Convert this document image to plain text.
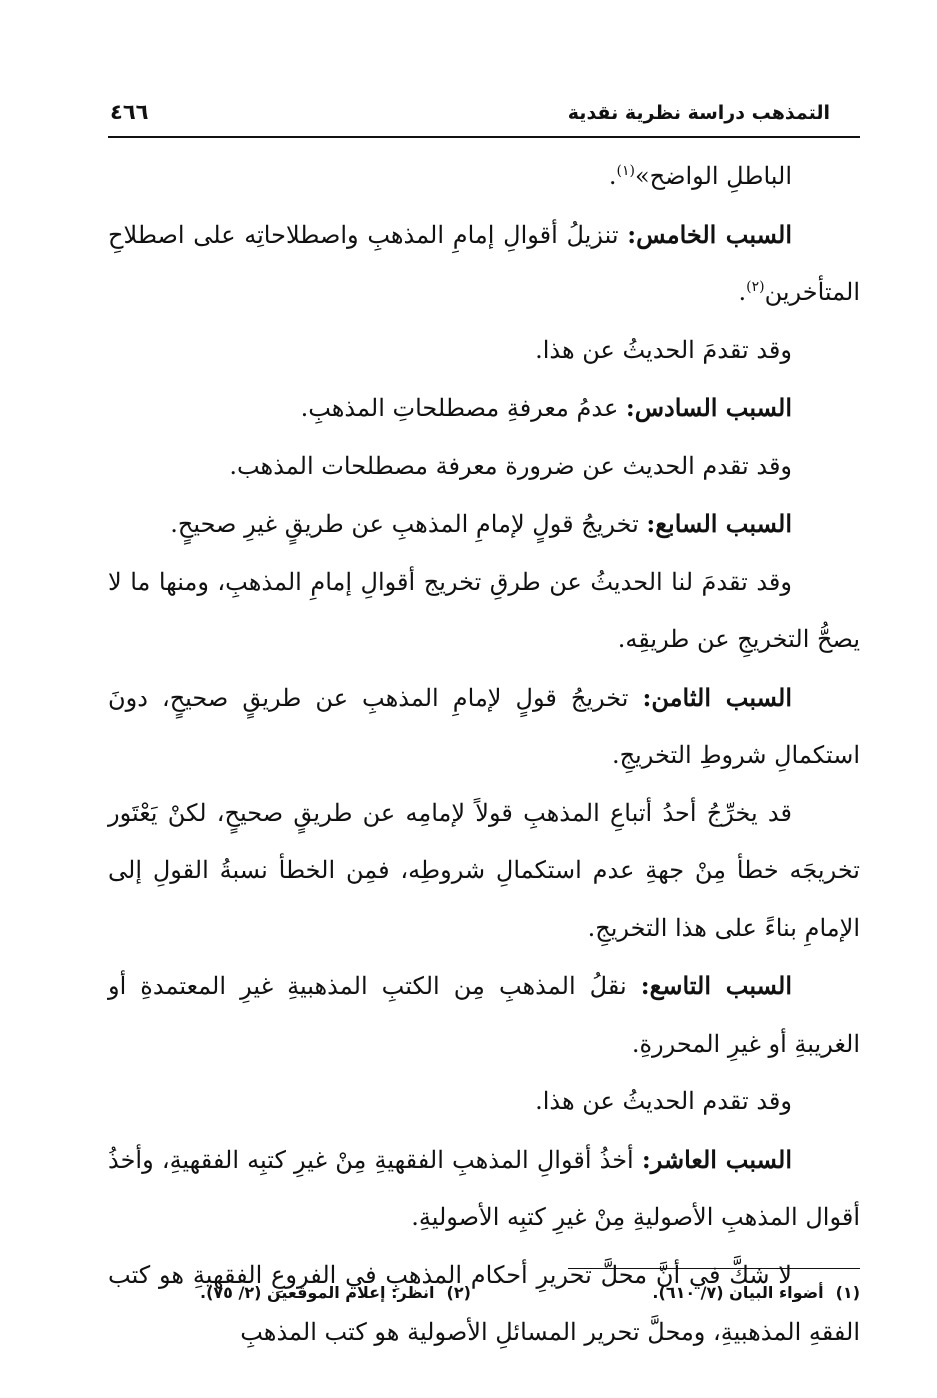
التمذهب دراسة نظرية نقدية
٤٦٦

الباطلِ الواضح»$^{(١)}$.

السبب الخامس: تنزيلُ أقوالِ إمامِ المذهبِ واصطلاحاتِه على اصطلاحِ المتأخرين$^{(٢)}$.

وقد تقدمَ الحديثُ عن هذا.

السبب السادس: عدمُ معرفةِ مصطلحاتِ المذهبِ.

وقد تقدم الحديث عن ضرورة معرفة مصطلحات المذهب.

السبب السابع: تخريجُ قولٍ لإمامِ المذهبِ عن طريقٍ غيرِ صحيحٍ.

وقد تقدمَ لنا الحديثُ عن طرقِ تخريج أقوالِ إمامِ المذهبِ، ومنها ما لا يصحُّ التخريجِ عن طريقِه.

السبب الثامن: تخريجُ قولٍ لإمامِ المذهبِ عن طريقٍ صحيحٍ، دونَ استكمالِ شروطِ التخريجِ.

قد يخرِّجُ أحدُ أتباعِ المذهبِ قولاً لإمامِه عن طريقٍ صحيحٍ، لكنْ يَعْتَور تخريجَه خطأ مِنْ جهةِ عدم استكمالِ شروطِه، فمِن الخطأ نسبةُ القولِ إلى الإمامِ بناءً على هذا التخريجِ.

السبب التاسع: نقلُ المذهبِ مِن الكتبِ المذهبيةِ غيرِ المعتمدةِ أو الغريبةِ أو غيرِ المحررةِ.

وقد تقدم الحديثُ عن هذا.

السبب العاشر: أخذُ أقوالِ المذهبِ الفقهيةِ مِنْ غيرِ كتبِه الفقهيةِ، وأخذُ أقوال المذهبِ الأصوليةِ مِنْ غيرِ كتبِه الأصوليةِ.

لا شكَّ في أنَّ محلَّ تحريرِ أحكام المذهبِ في الفروعِ الفقهيةِ هو كتب الفقهِ المذهبيةِ، ومحلَّ تحرير المسائلِ الأصولية هو كتب المذهبِ

(١)أضواء البيان (٧/ ٦١٠).
(٢)انظر: إعلام الموقعين (٢/ ٧٥).
